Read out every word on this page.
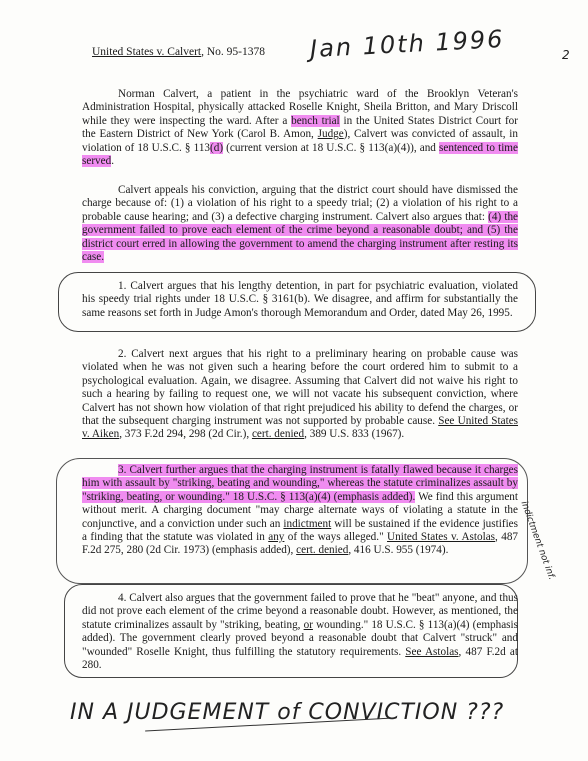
United States v. Calvert, No. 95-1378 Jan 10th 1996	2

Norman Calvert, a patient in the psychiatric ward of the Brooklyn Veteran's Administration Hospital, physically attacked Roselle Knight, Sheila Britton, and Mary Driscoll while they were inspecting the ward. After a bench trial in the United States District Court for the Eastern District of New York (Carol B. Amon, Judge), Calvert was convicted of assault, in violation of 18 U.S.C. § 113(d) (current version at 18 U.S.C. § 113(a)(4)), and sentenced to time served.

Calvert appeals his conviction, arguing that the district court should have dismissed the charge because of: (1) a violation of his right to a speedy trial; (2) a violation of his right to a probable cause hearing; and (3) a defective charging instrument. Calvert also argues that: (4) the government failed to prove each element of the crime beyond a reasonable doubt; and (5) the district court erred in allowing the government to amend the charging instrument after resting its case.

1. Calvert argues that his lengthy detention, in part for psychiatric evaluation, violated his speedy trial rights under 18 U.S.C. § 3161(b). We disagree, and affirm for substantially the same reasons set forth in Judge Amon's thorough Memorandum and Order, dated May 26, 1995.

2. Calvert next argues that his right to a preliminary hearing on probable cause was violated when he was not given such a hearing before the court ordered him to submit to a psychological evaluation. Again, we disagree. Assuming that Calvert did not waive his right to such a hearing by failing to request one, we will not vacate his subsequent conviction, where Calvert has not shown how violation of that right prejudiced his ability to defend the charges, or that the subsequent charging instrument was not supported by probable cause. See United States v. Aiken, 373 F.2d 294, 298 (2d Cir.), cert. denied, 389 U.S. 833 (1967).

3. Calvert further argues that the charging instrument is fatally flawed because it charges him with assault by "striking, beating and wounding," whereas the statute criminalizes assault by "striking, beating, or wounding." 18 U.S.C. § 113(a)(4) (emphasis added). We find this argument without merit. A charging document "may charge alternate ways of violating a statute in the conjunctive, and a conviction under such an indictment will be sustained if the evidence justifies a finding that the statute was violated in any of the ways alleged." United States v. Astolas, 487 F.2d 275, 280 (2d Cir. 1973) (emphasis added), cert. denied, 416 U.S. 955 (1974).	indictment not inf.

4. Calvert also argues that the government failed to prove that he "beat" anyone, and thus did not prove each element of the crime beyond a reasonable doubt. However, as mentioned, the statute criminalizes assault by "striking, beating, or wounding." 18 U.S.C. § 113(a)(4) (emphasis added). The government clearly proved beyond a reasonable doubt that Calvert "struck" and "wounded" Roselle Knight, thus fulfilling the statutory requirements. See Astolas, 487 F.2d at 280.

IN A JUDGEMENT of CONVICTION ???
